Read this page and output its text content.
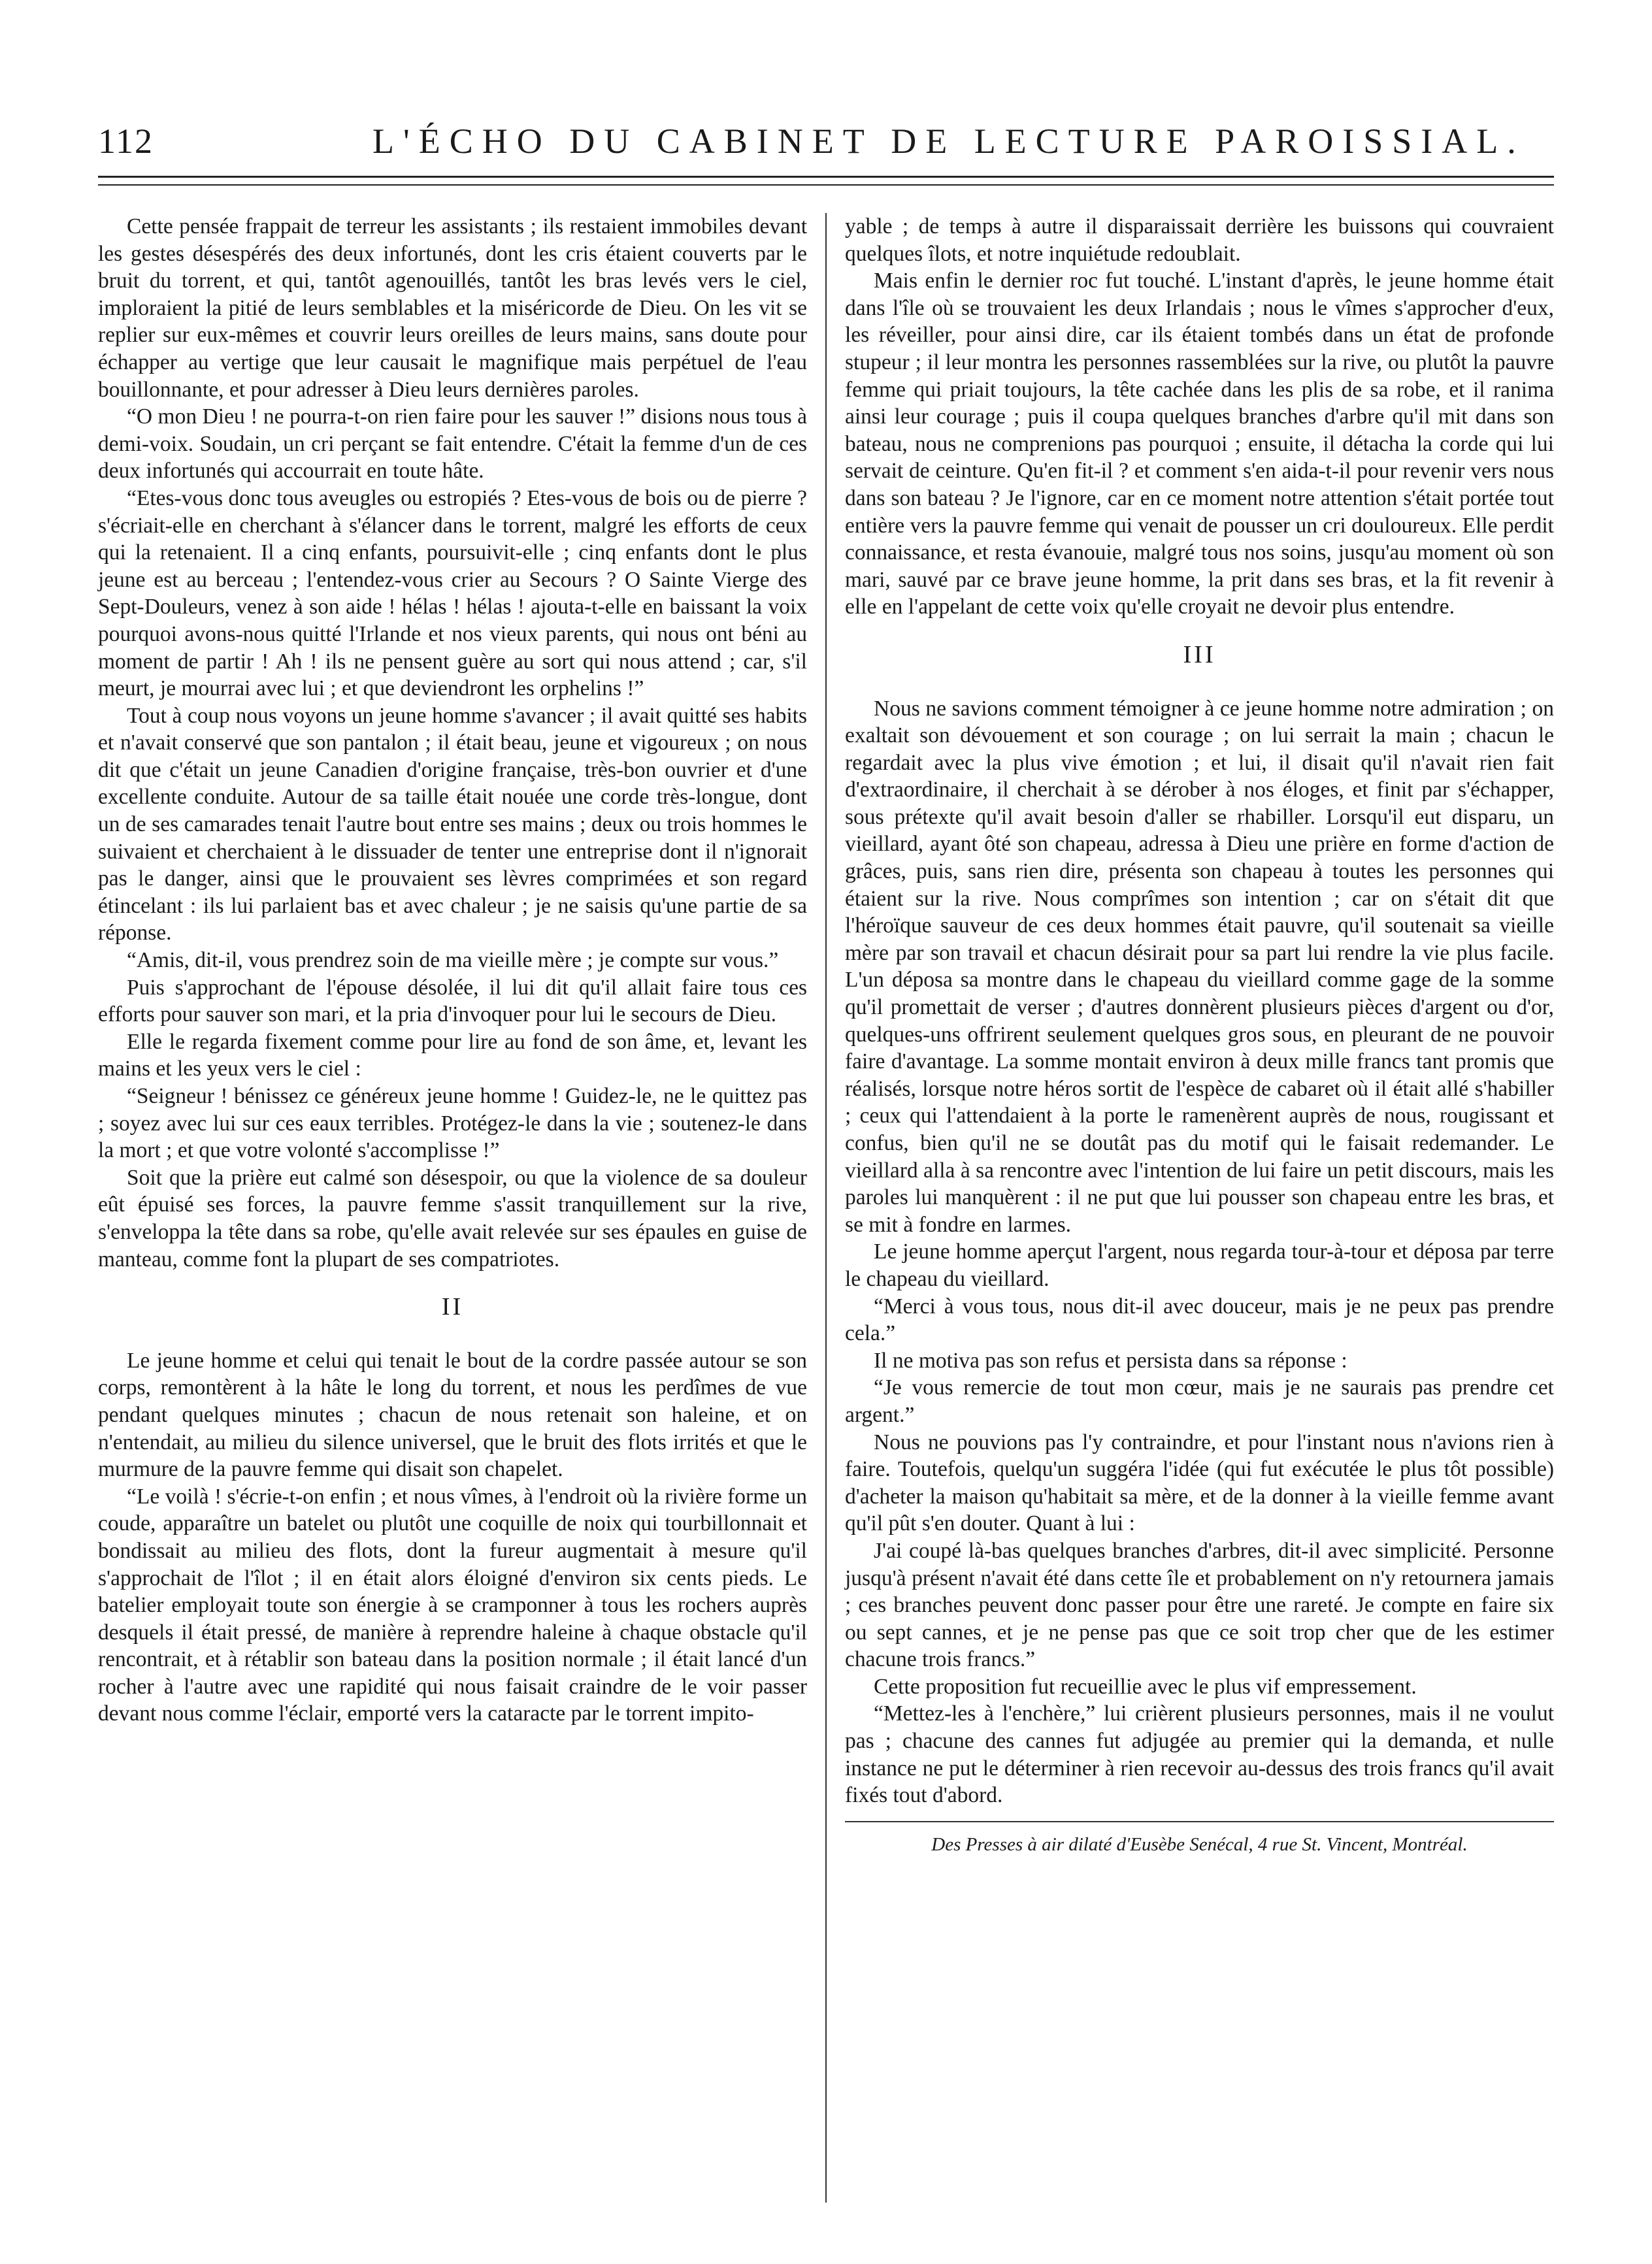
112	L'ÉCHO DU CABINET DE LECTURE PAROISSIAL.

Cette pensée frappait de terreur les assistants ; ils restaient immobiles devant les gestes désespérés des deux infortunés, dont les cris étaient couverts par le bruit du torrent, et qui, tantôt agenouillés, tantôt les bras levés vers le ciel, imploraient la pitié de leurs semblables et la miséricorde de Dieu. On les vit se replier sur eux-mêmes et couvrir leurs oreilles de leurs mains, sans doute pour échapper au vertige que leur causait le magnifique mais perpétuel de l'eau bouillonnante, et pour adresser à Dieu leurs dernières paroles.

“O mon Dieu ! ne pourra-t-on rien faire pour les sauver !” disions nous tous à demi-voix. Soudain, un cri perçant se fait entendre. C'était la femme d'un de ces deux infortunés qui accourrait en toute hâte.

“Etes-vous donc tous aveugles ou estropiés ? Etes-vous de bois ou de pierre ? s'écriait-elle en cherchant à s'élancer dans le torrent, malgré les efforts de ceux qui la retenaient. Il a cinq enfants, poursuivit-elle ; cinq enfants dont le plus jeune est au berceau ; l'entendez-vous crier au Secours ? O Sainte Vierge des Sept-Douleurs, venez à son aide ! hélas ! hélas ! ajouta-t-elle en baissant la voix pourquoi avons-nous quitté l'Irlande et nos vieux parents, qui nous ont béni au moment de partir ! Ah ! ils ne pensent guère au sort qui nous attend ; car, s'il meurt, je mourrai avec lui ; et que deviendront les orphelins !”

Tout à coup nous voyons un jeune homme s'avancer ; il avait quitté ses habits et n'avait conservé que son pantalon ; il était beau, jeune et vigoureux ; on nous dit que c'était un jeune Canadien d'origine française, très-bon ouvrier et d'une excellente conduite. Autour de sa taille était nouée une corde très-longue, dont un de ses camarades tenait l'autre bout entre ses mains ; deux ou trois hommes le suivaient et cherchaient à le dissuader de tenter une entreprise dont il n'ignorait pas le danger, ainsi que le prouvaient ses lèvres comprimées et son regard étincelant : ils lui parlaient bas et avec chaleur ; je ne saisis qu'une partie de sa réponse.

“Amis, dit-il, vous prendrez soin de ma vieille mère ; je compte sur vous.”

Puis s'approchant de l'épouse désolée, il lui dit qu'il allait faire tous ces efforts pour sauver son mari, et la pria d'invoquer pour lui le secours de Dieu.

Elle le regarda fixement comme pour lire au fond de son âme, et, levant les mains et les yeux vers le ciel :

“Seigneur ! bénissez ce généreux jeune homme ! Guidez-le, ne le quittez pas ; soyez avec lui sur ces eaux terribles. Protégez-le dans la vie ; soutenez-le dans la mort ; et que votre volonté s'accomplisse !”

Soit que la prière eut calmé son désespoir, ou que la violence de sa douleur eût épuisé ses forces, la pauvre femme s'assit tranquillement sur la rive, s'enveloppa la tête dans sa robe, qu'elle avait relevée sur ses épaules en guise de manteau, comme font la plupart de ses compatriotes.

II

Le jeune homme et celui qui tenait le bout de la cordre passée autour se son corps, remontèrent à la hâte le long du torrent, et nous les perdîmes de vue pendant quelques minutes ; chacun de nous retenait son haleine, et on n'entendait, au milieu du silence universel, que le bruit des flots irrités et que le murmure de la pauvre femme qui disait son chapelet.

“Le voilà ! s'écrie-t-on enfin ; et nous vîmes, à l'endroit où la rivière forme un coude, apparaître un batelet ou plutôt une coquille de noix qui tourbillonnait et bondissait au milieu des flots, dont la fureur augmentait à mesure qu'il s'approchait de l'îlot ; il en était alors éloigné d'environ six cents pieds. Le batelier employait toute son énergie à se cramponner à tous les rochers auprès desquels il était pressé, de manière à reprendre haleine à chaque obstacle qu'il rencontrait, et à rétablir son bateau dans la position normale ; il était lancé d'un rocher à l'autre avec une rapidité qui nous faisait craindre de le voir passer devant nous comme l'éclair, emporté vers la cataracte par le torrent impito-

yable ; de temps à autre il disparaissait derrière les buissons qui couvraient quelques îlots, et notre inquiétude redoublait.

Mais enfin le dernier roc fut touché. L'instant d'après, le jeune homme était dans l'île où se trouvaient les deux Irlandais ; nous le vîmes s'approcher d'eux, les réveiller, pour ainsi dire, car ils étaient tombés dans un état de profonde stupeur ; il leur montra les personnes rassemblées sur la rive, ou plutôt la pauvre femme qui priait toujours, la tête cachée dans les plis de sa robe, et il ranima ainsi leur courage ; puis il coupa quelques branches d'arbre qu'il mit dans son bateau, nous ne comprenions pas pourquoi ; ensuite, il détacha la corde qui lui servait de ceinture. Qu'en fit-il ? et comment s'en aida-t-il pour revenir vers nous dans son bateau ? Je l'ignore, car en ce moment notre attention s'était portée tout entière vers la pauvre femme qui venait de pousser un cri douloureux. Elle perdit connaissance, et resta évanouie, malgré tous nos soins, jusqu'au moment où son mari, sauvé par ce brave jeune homme, la prit dans ses bras, et la fit revenir à elle en l'appelant de cette voix qu'elle croyait ne devoir plus entendre.

III

Nous ne savions comment témoigner à ce jeune homme notre admiration ; on exaltait son dévouement et son courage ; on lui serrait la main ; chacun le regardait avec la plus vive émotion ; et lui, il disait qu'il n'avait rien fait d'extraordinaire, il cherchait à se dérober à nos éloges, et finit par s'échapper, sous prétexte qu'il avait besoin d'aller se rhabiller. Lorsqu'il eut disparu, un vieillard, ayant ôté son chapeau, adressa à Dieu une prière en forme d'action de grâces, puis, sans rien dire, présenta son chapeau à toutes les personnes qui étaient sur la rive. Nous comprîmes son intention ; car on s'était dit que l'héroïque sauveur de ces deux hommes était pauvre, qu'il soutenait sa vieille mère par son travail et chacun désirait pour sa part lui rendre la vie plus facile. L'un déposa sa montre dans le chapeau du vieillard comme gage de la somme qu'il promettait de verser ; d'autres donnèrent plusieurs pièces d'argent ou d'or, quelques-uns offrirent seulement quelques gros sous, en pleurant de ne pouvoir faire d'avantage. La somme montait environ à deux mille francs tant promis que réalisés, lorsque notre héros sortit de l'espèce de cabaret où il était allé s'habiller ; ceux qui l'attendaient à la porte le ramenèrent auprès de nous, rougissant et confus, bien qu'il ne se doutât pas du motif qui le faisait redemander. Le vieillard alla à sa rencontre avec l'intention de lui faire un petit discours, mais les paroles lui manquèrent : il ne put que lui pousser son chapeau entre les bras, et se mit à fondre en larmes.

Le jeune homme aperçut l'argent, nous regarda tour-à-tour et déposa par terre le chapeau du vieillard.

“Merci à vous tous, nous dit-il avec douceur, mais je ne peux pas prendre cela.”

Il ne motiva pas son refus et persista dans sa réponse :

“Je vous remercie de tout mon cœur, mais je ne saurais pas prendre cet argent.”

Nous ne pouvions pas l'y contraindre, et pour l'instant nous n'avions rien à faire. Toutefois, quelqu'un suggéra l'idée (qui fut exécutée le plus tôt possible) d'acheter la maison qu'habitait sa mère, et de la donner à la vieille femme avant qu'il pût s'en douter. Quant à lui :

J'ai coupé là-bas quelques branches d'arbres, dit-il avec simplicité. Personne jusqu'à présent n'avait été dans cette île et probablement on n'y retournera jamais ; ces branches peuvent donc passer pour être une rareté. Je compte en faire six ou sept cannes, et je ne pense pas que ce soit trop cher que de les estimer chacune trois francs.”

Cette proposition fut recueillie avec le plus vif empressement.

“Mettez-les à l'enchère,” lui crièrent plusieurs personnes, mais il ne voulut pas ; chacune des cannes fut adjugée au premier qui la demanda, et nulle instance ne put le déterminer à rien recevoir au-dessus des trois francs qu'il avait fixés tout d'abord.

Des Presses à air dilaté d'Eusèbe Senécal, 4 rue St. Vincent, Montréal.
